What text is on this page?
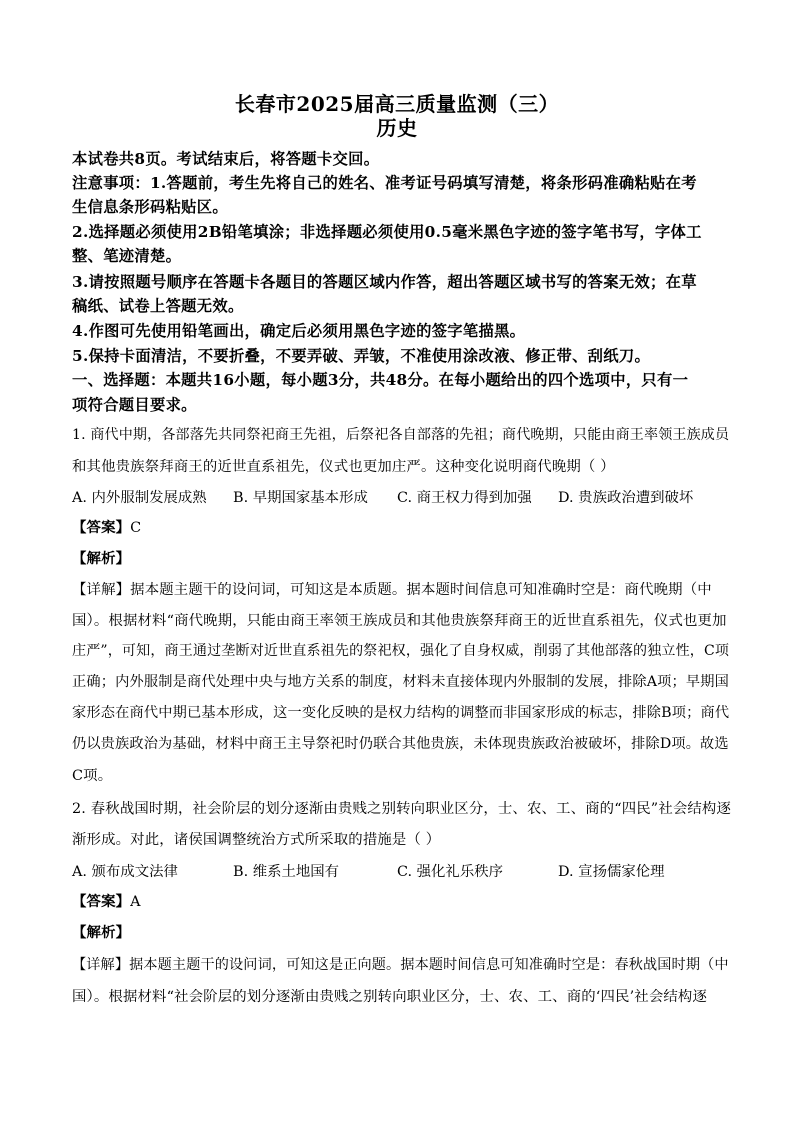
长春市2025届高三质量监测（三）
历史
本试卷共8页。考试结束后，将答题卡交回。
注意事项：1.答题前，考生先将自己的姓名、准考证号码填写清楚，将条形码准确粘贴在考
生信息条形码粘贴区。
2.选择题必须使用2B铅笔填涂；非选择题必须使用0.5毫米黑色字迹的签字笔书写，字体工
整、笔迹清楚。
3.请按照题号顺序在答题卡各题目的答题区域内作答，超出答题区域书写的答案无效；在草
稿纸、试卷上答题无效。
4.作图可先使用铅笔画出，确定后必须用黑色字迹的签字笔描黑。
5.保持卡面清洁，不要折叠，不要弄破、弄皱，不准使用涂改液、修正带、刮纸刀。
一、选择题：本题共16小题，每小题3分，共48分。在每小题给出的四个选项中，只有一
项符合题目要求。
1. 商代中期，各部落先共同祭祀商王先祖，后祭祀各自部落的先祖；商代晚期，只能由商王率领王族成员
和其他贵族祭拜商王的近世直系祖先，仪式也更加庄严。这种变化说明商代晚期（ ）
A. 内外服制发展成熟 B. 早期国家基本形成 C. 商王权力得到加强 D. 贵族政治遭到破坏
【答案】C
【解析】
【详解】据本题主题干的设问词，可知这是本质题。据本题时间信息可知准确时空是：商代晚期（中
国）。根据材料“商代晚期，只能由商王率领王族成员和其他贵族祭拜商王的近世直系祖先，仪式也更加
庄严”，可知，商王通过垄断对近世直系祖先的祭祀权，强化了自身权威，削弱了其他部落的独立性，C项
正确；内外服制是商代处理中央与地方关系的制度，材料未直接体现内外服制的发展，排除A项；早期国
家形态在商代中期已基本形成，这一变化反映的是权力结构的调整而非国家形成的标志，排除B项；商代
仍以贵族政治为基础，材料中商王主导祭祀时仍联合其他贵族，未体现贵族政治被破坏，排除D项。故选
C项。
2. 春秋战国时期，社会阶层的划分逐渐由贵贱之别转向职业区分，士、农、工、商的“四民”社会结构逐
渐形成。对此，诸侯国调整统治方式所采取的措施是（ ）
A. 颁布成文法律	B. 维系土地国有	C. 强化礼乐秩序	D. 宣扬儒家伦理
【答案】A
【解析】
【详解】据本题主题干的设问词，可知这是正向题。据本题时间信息可知准确时空是：春秋战国时期（中
国）。根据材料“社会阶层的划分逐渐由贵贱之别转向职业区分，士、农、工、商的‘四民’社会结构逐
